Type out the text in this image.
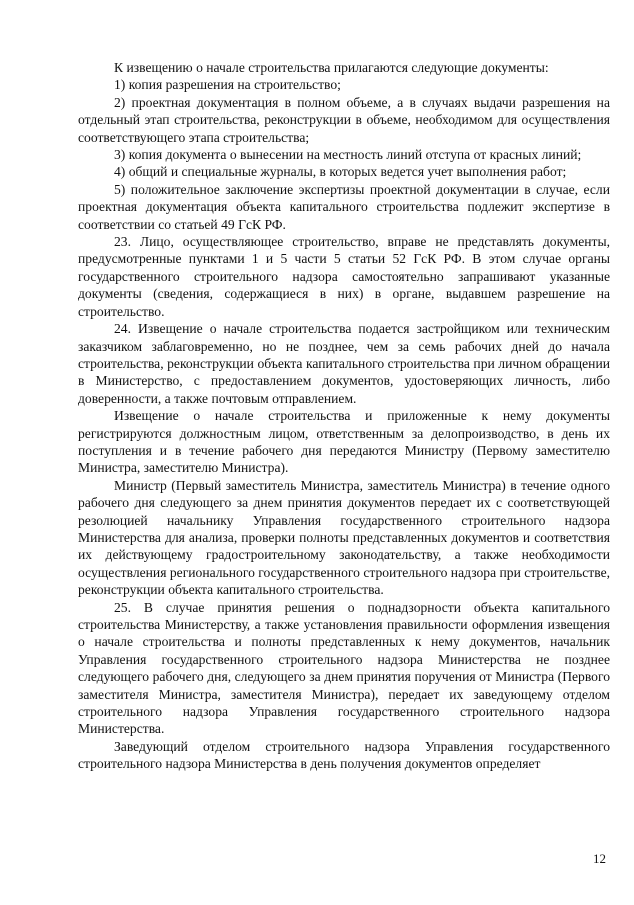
К извещению о начале строительства прилагаются следующие документы:

1) копия разрешения на строительство;

2) проектная документация в полном объеме, а в случаях выдачи разрешения на отдельный этап строительства, реконструкции в объеме, необходимом для осуществления соответствующего этапа строительства;

3) копия документа о вынесении на местность линий отступа от красных линий;

4) общий и специальные журналы, в которых ведется учет выполнения работ;

5) положительное заключение экспертизы проектной документации в случае, если проектная документация объекта капитального строительства подлежит экспертизе в соответствии со статьей 49 ГсК РФ.

23. Лицо, осуществляющее строительство, вправе не представлять документы, предусмотренные пунктами 1 и 5 части 5 статьи 52 ГсК РФ. В этом случае органы государственного строительного надзора самостоятельно запрашивают указанные документы (сведения, содержащиеся в них) в органе, выдавшем разрешение на строительство.

24. Извещение о начале строительства подается застройщиком или техническим заказчиком заблаговременно, но не позднее, чем за семь рабочих дней до начала строительства, реконструкции объекта капитального строительства при личном обращении в Министерство, с предоставлением документов, удостоверяющих личность, либо доверенности, а также почтовым отправлением.

Извещение о начале строительства и приложенные к нему документы регистрируются должностным лицом, ответственным за делопроизводство, в день их поступления и в течение рабочего дня передаются Министру (Первому заместителю Министра, заместителю Министра).

Министр (Первый заместитель Министра, заместитель Министра) в течение одного рабочего дня следующего за днем принятия документов передает их с соответствующей резолюцией начальнику Управления государственного строительного надзора Министерства для анализа, проверки полноты представленных документов и соответствия их действующему градостроительному законодательству, а также необходимости осуществления регионального государственного строительного надзора при строительстве, реконструкции объекта капитального строительства.

25. В случае принятия решения о поднадзорности объекта капитального строительства Министерству, а также установления правильности оформления извещения о начале строительства и полноты представленных к нему документов, начальник Управления государственного строительного надзора Министерства не позднее следующего рабочего дня, следующего за днем принятия поручения от Министра (Первого заместителя Министра, заместителя Министра), передает их заведующему отделом строительного надзора Управления государственного строительного надзора Министерства.

Заведующий отделом строительного надзора Управления государственного строительного надзора Министерства в день получения документов определяет

12
